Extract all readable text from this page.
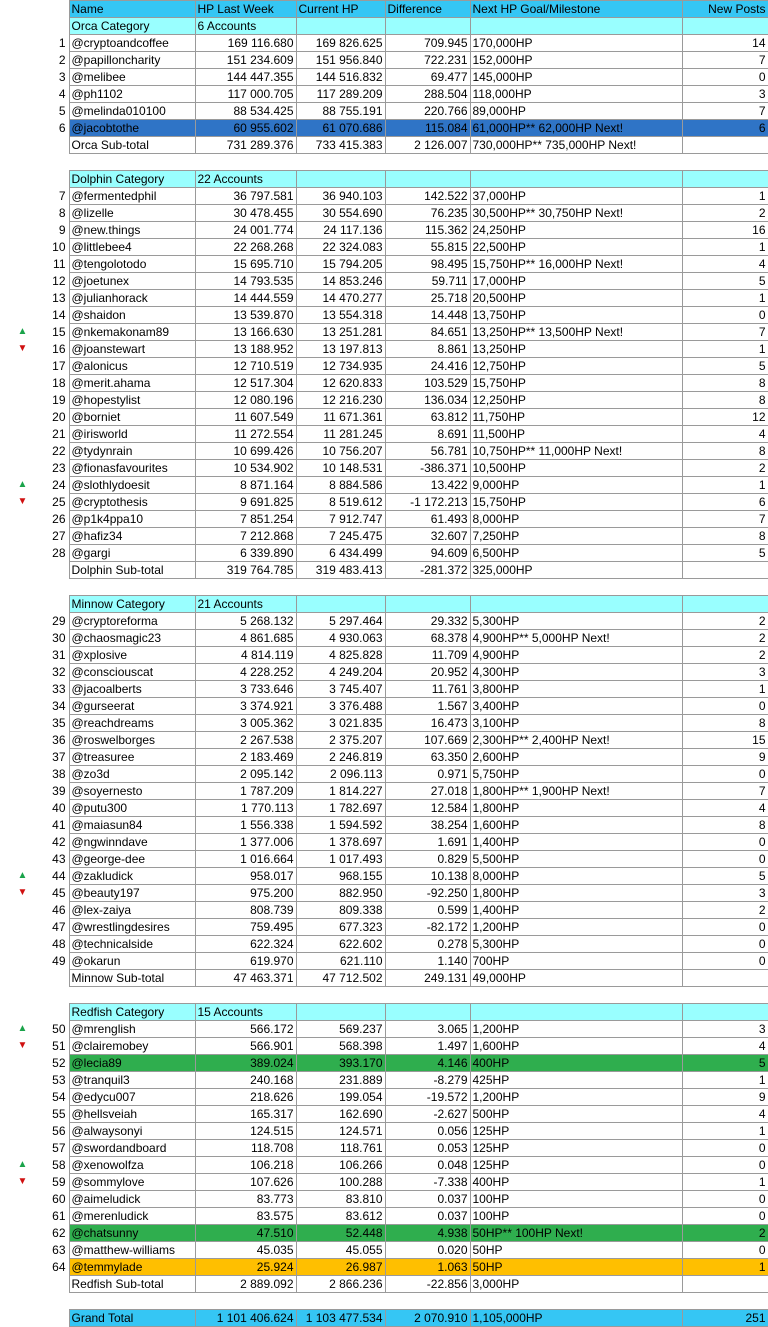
		Name	HP Last Week	Current HP	Difference	Next HP Goal/Milestone	New Posts
		Orca Category	6 Accounts				
	1	@cryptoandcoffee	169 116.680	169 826.625	709.945	170,000HP	14
	2	@papilloncharity	151 234.609	151 956.840	722.231	152,000HP	7
	3	@melibee	144 447.355	144 516.832	69.477	145,000HP	0
	4	@ph1102	117 000.705	117 289.209	288.504	118,000HP	3
	5	@melinda010100	88 534.425	88 755.191	220.766	89,000HP	7
	6	@jacobtothe	60 955.602	61 070.686	115.084	61,000HP** 62,000HP Next!	6
		Orca Sub-total	731 289.376	733 415.383	2 126.007	730,000HP** 735,000HP Next!	

		Dolphin Category	22 Accounts				
	7	@fermentedphil	36 797.581	36 940.103	142.522	37,000HP	1
	8	@lizelle	30 478.455	30 554.690	76.235	30,500HP** 30,750HP Next!	2
	9	@new.things	24 001.774	24 117.136	115.362	24,250HP	16
	10	@littlebee4	22 268.268	22 324.083	55.815	22,500HP	1
	11	@tengolotodo	15 695.710	15 794.205	98.495	15,750HP** 16,000HP Next!	4
	12	@joetunex	14 793.535	14 853.246	59.711	17,000HP	5
	13	@julianhorack	14 444.559	14 470.277	25.718	20,500HP	1
	14	@shaidon	13 539.870	13 554.318	14.448	13,750HP	0
▲	15	@nkemakonam89	13 166.630	13 251.281	84.651	13,250HP** 13,500HP Next!	7
▼	16	@joanstewart	13 188.952	13 197.813	8.861	13,250HP	1
	17	@alonicus	12 710.519	12 734.935	24.416	12,750HP	5
	18	@merit.ahama	12 517.304	12 620.833	103.529	15,750HP	8
	19	@hopestylist	12 080.196	12 216.230	136.034	12,250HP	8
	20	@borniet	11 607.549	11 671.361	63.812	11,750HP	12
	21	@irisworld	11 272.554	11 281.245	8.691	11,500HP	4
	22	@tydynrain	10 699.426	10 756.207	56.781	10,750HP** 11,000HP Next!	8
	23	@fionasfavourites	10 534.902	10 148.531	-386.371	10,500HP	2
▲	24	@slothlydoesit	8 871.164	8 884.586	13.422	9,000HP	1
▼	25	@cryptothesis	9 691.825	8 519.612	-1 172.213	15,750HP	6
	26	@p1k4ppa10	7 851.254	7 912.747	61.493	8,000HP	7
	27	@hafiz34	7 212.868	7 245.475	32.607	7,250HP	8
	28	@gargi	6 339.890	6 434.499	94.609	6,500HP	5
		Dolphin Sub-total	319 764.785	319 483.413	-281.372	325,000HP	

		Minnow Category	21 Accounts				
	29	@cryptoreforma	5 268.132	5 297.464	29.332	5,300HP	2
	30	@chaosmagic23	4 861.685	4 930.063	68.378	4,900HP** 5,000HP Next!	2
	31	@xplosive	4 814.119	4 825.828	11.709	4,900HP	2
	32	@consciouscat	4 228.252	4 249.204	20.952	4,300HP	3
	33	@jacoalberts	3 733.646	3 745.407	11.761	3,800HP	1
	34	@gurseerat	3 374.921	3 376.488	1.567	3,400HP	0
	35	@reachdreams	3 005.362	3 021.835	16.473	3,100HP	8
	36	@roswelborges	2 267.538	2 375.207	107.669	2,300HP** 2,400HP Next!	15
	37	@treasuree	2 183.469	2 246.819	63.350	2,600HP	9
	38	@zo3d	2 095.142	2 096.113	0.971	5,750HP	0
	39	@soyernesto	1 787.209	1 814.227	27.018	1,800HP** 1,900HP Next!	7
	40	@putu300	1 770.113	1 782.697	12.584	1,800HP	4
	41	@maiasun84	1 556.338	1 594.592	38.254	1,600HP	8
	42	@ngwinndave	1 377.006	1 378.697	1.691	1,400HP	0
	43	@george-dee	1 016.664	1 017.493	0.829	5,500HP	0
▲	44	@zakludick	958.017	968.155	10.138	8,000HP	5
▼	45	@beauty197	975.200	882.950	-92.250	1,800HP	3
	46	@lex-zaiya	808.739	809.338	0.599	1,400HP	2
	47	@wrestlingdesires	759.495	677.323	-82.172	1,200HP	0
	48	@technicalside	622.324	622.602	0.278	5,300HP	0
	49	@okarun	619.970	621.110	1.140	700HP	0
		Minnow Sub-total	47 463.371	47 712.502	249.131	49,000HP	

		Redfish Category	15 Accounts				
▲	50	@mrenglish	566.172	569.237	3.065	1,200HP	3
▼	51	@clairemobey	566.901	568.398	1.497	1,600HP	4
	52	@lecia89	389.024	393.170	4.146	400HP	5
	53	@tranquil3	240.168	231.889	-8.279	425HP	1
	54	@edycu007	218.626	199.054	-19.572	1,200HP	9
	55	@hellsveiah	165.317	162.690	-2.627	500HP	4
	56	@alwaysonyi	124.515	124.571	0.056	125HP	1
	57	@swordandboard	118.708	118.761	0.053	125HP	0
▲	58	@xenowolfza	106.218	106.266	0.048	125HP	0
▼	59	@sommylove	107.626	100.288	-7.338	400HP	1
	60	@aimeludick	83.773	83.810	0.037	100HP	0
	61	@merenludick	83.575	83.612	0.037	100HP	0
	62	@chatsunny	47.510	52.448	4.938	50HP** 100HP Next!	2
	63	@matthew-williams	45.035	45.055	0.020	50HP	0
	64	@temmylade	25.924	26.987	1.063	50HP	1
		Redfish Sub-total	2 889.092	2 866.236	-22.856	3,000HP	

		Grand Total	1 101 406.624	1 103 477.534	2 070.910	1,105,000HP	251
